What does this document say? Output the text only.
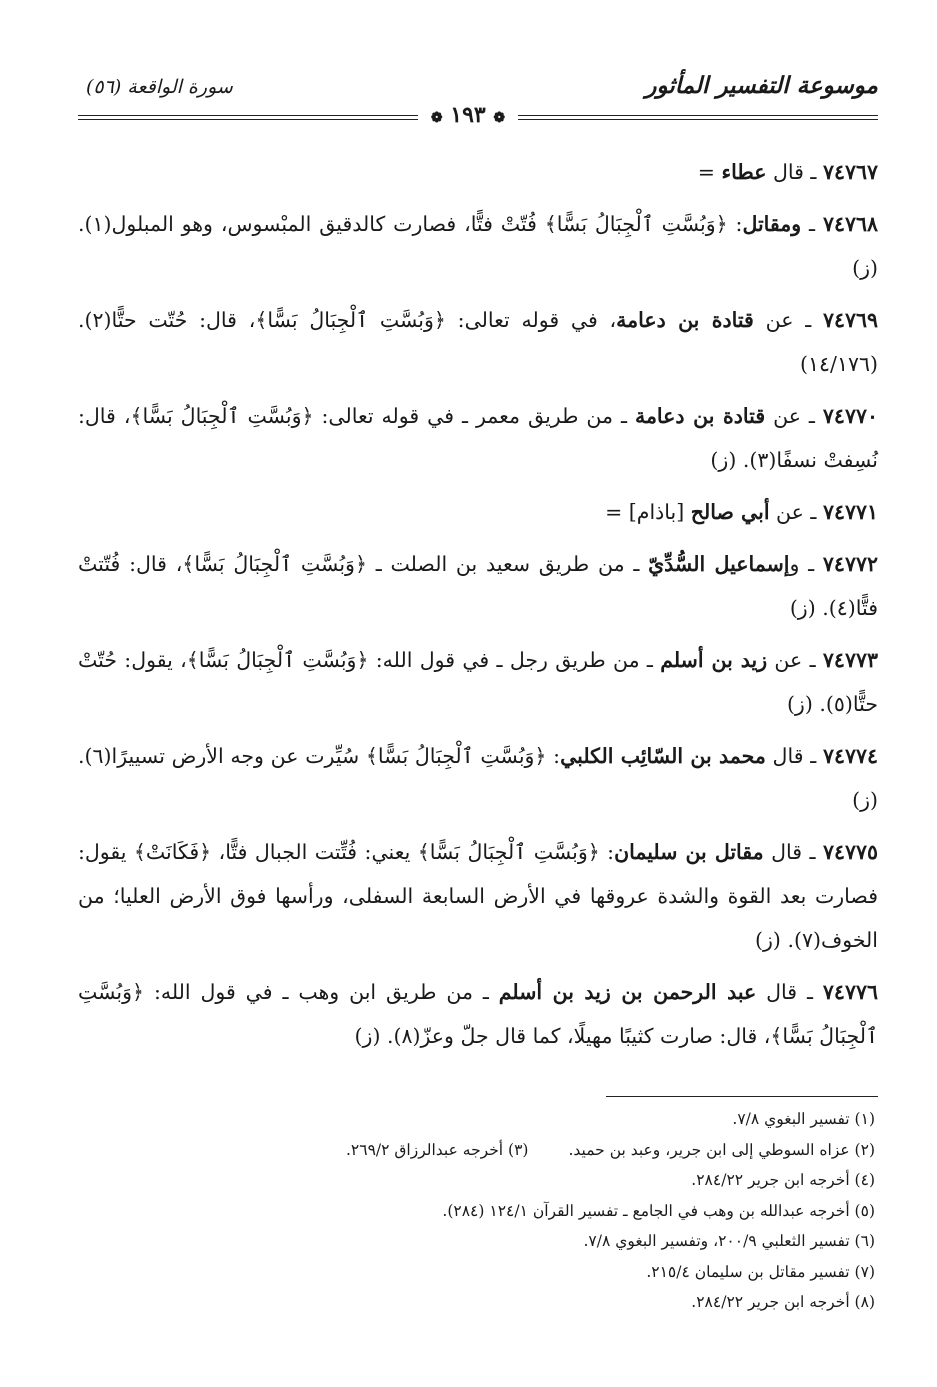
موسوعة التفسير المأثور
سورة الواقعة (٥٦)
❁ ١٩٣ ❁

٧٤٧٦٧ ـ قال عطاء =

٧٤٧٦٨ ـ ومقاتل: ﴿وَبُسَّتِ ٱلْجِبَالُ بَسًّا﴾ فُتّتْ فتًّا، فصارت كالدقيق المبْسوس، وهو المبلول(١). (ز)

٧٤٧٦٩ ـ عن قتادة بن دعامة، في قوله تعالى: ﴿وَبُسَّتِ ٱلْجِبَالُ بَسًّا﴾، قال: حُتّت حتًّا(٢). (١٤/١٧٦)

٧٤٧٧٠ ـ عن قتادة بن دعامة ـ من طريق معمر ـ في قوله تعالى: ﴿وَبُسَّتِ ٱلْجِبَالُ بَسًّا﴾، قال: نُسِفتْ نسفًا(٣). (ز)

٧٤٧٧١ ـ عن أبي صالح [باذام] =

٧٤٧٧٢ ـ وإسماعيل السُّدِّيّ ـ من طريق سعيد بن الصلت ـ ﴿وَبُسَّتِ ٱلْجِبَالُ بَسًّا﴾، قال: فُتّتتْ فتًّا(٤). (ز)

٧٤٧٧٣ ـ عن زيد بن أسلم ـ من طريق رجل ـ في قول الله: ﴿وَبُسَّتِ ٱلْجِبَالُ بَسًّا﴾، يقول: حُتّتْ حتًّا(٥). (ز)

٧٤٧٧٤ ـ قال محمد بن السّائِب الكلبي: ﴿وَبُسَّتِ ٱلْجِبَالُ بَسًّا﴾ سُيِّرت عن وجه الأرض تسييرًا(٦). (ز)

٧٤٧٧٥ ـ قال مقاتل بن سليمان: ﴿وَبُسَّتِ ٱلْجِبَالُ بَسًّا﴾ يعني: فُتِّتت الجبال فتًّا، ﴿فَكَانَتْ﴾ يقول: فصارت بعد القوة والشدة عروقها في الأرض السابعة السفلى، ورأسها فوق الأرض العليا؛ من الخوف(٧). (ز)

٧٤٧٧٦ ـ قال عبد الرحمن بن زيد بن أسلم ـ من طريق ابن وهب ـ في قول الله: ﴿وَبُسَّتِ ٱلْجِبَالُ بَسًّا﴾، قال: صارت كثيبًا مهيلًا، كما قال جلّ وعزّ(٨). (ز)

(١) تفسير البغوي ٨/‏٧.
(٢) عزاه السوطي إلى ابن جرير، وعبد بن حميد.(٣) أخرجه عبدالرزاق ٢/‏٢٦٩.
(٤) أخرجه ابن جرير ٢٢/‏٢٨٤.
(٥) أخرجه عبدالله بن وهب في الجامع ـ تفسير القرآن ١/‏١٢٤ (٢٨٤).
(٦) تفسير الثعلبي ٩/‏٢٠٠، وتفسير البغوي ٨/‏٧.
(٧) تفسير مقاتل بن سليمان ٤/‏٢١٥.
(٨) أخرجه ابن جرير ٢٢/‏٢٨٤.
